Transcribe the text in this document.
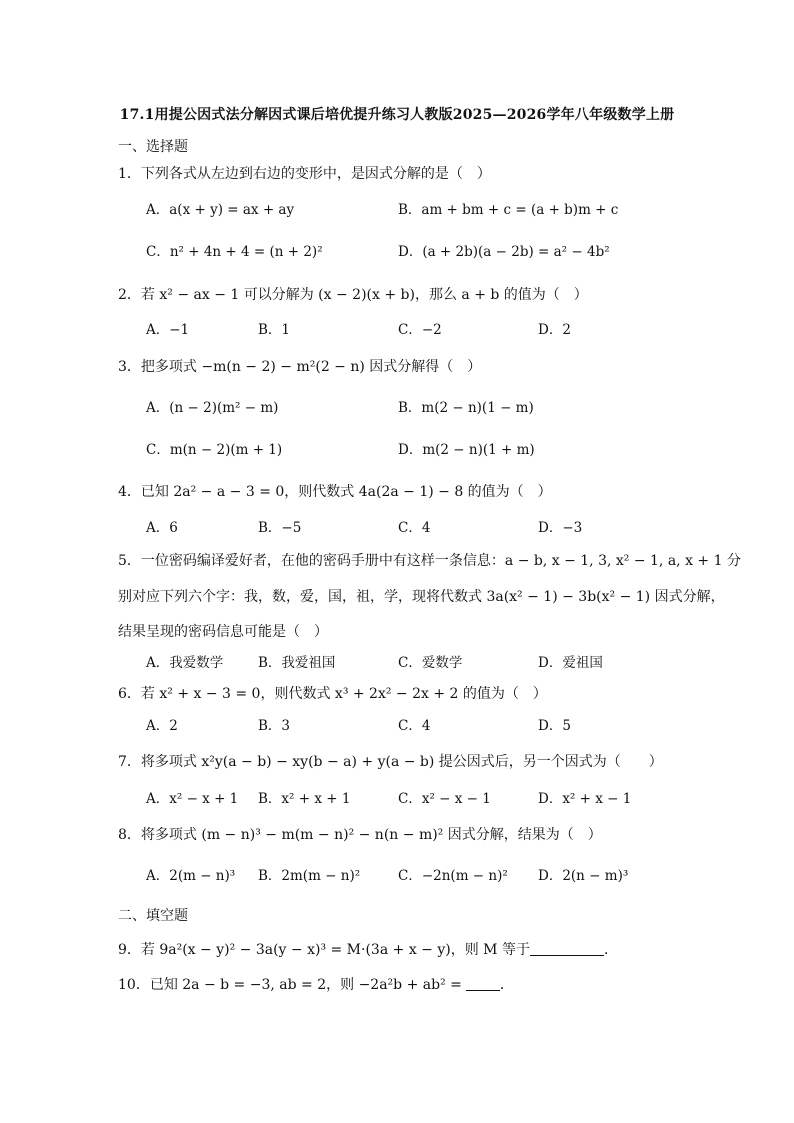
17.1用提公因式法分解因式课后培优提升练习人教版2025—2026学年八年级数学上册
一、选择题
1．下列各式从左边到右边的变形中，是因式分解的是（　）
A．a(x + y) = ax + ay	B．am + bm + c = (a + b)m + c
C．n² + 4n + 4 = (n + 2)²	D．(a + 2b)(a − 2b) = a² − 4b²
2．若 x² − ax − 1 可以分解为 (x − 2)(x + b)，那么 a + b 的值为（　）
A．−1	B．1	C．−2	D．2
3．把多项式 −m(n − 2) − m²(2 − n) 因式分解得（　）
A．(n − 2)(m² − m)	B．m(2 − n)(1 − m)
C．m(n − 2)(m + 1)	D．m(2 − n)(1 + m)
4．已知 2a² − a − 3 = 0，则代数式 4a(2a − 1) − 8 的值为（　）
A．6	B．−5	C．4	D．−3
5．一位密码编译爱好者，在他的密码手册中有这样一条信息：a − b, x − 1, 3, x² − 1, a, x + 1 分
别对应下列六个字：我，数，爱，国，祖，学，现将代数式 3a(x² − 1) − 3b(x² − 1) 因式分解，
结果呈现的密码信息可能是（　）
A．我爱数学	B．我爱祖国	C．爱数学	D．爱祖国
6．若 x² + x − 3 = 0，则代数式 x³ + 2x² − 2x + 2 的值为（　）
A．2	B．3	C．4	D．5
7．将多项式 x²y(a − b) − xy(b − a) + y(a − b) 提公因式后，另一个因式为（　　）
A．x² − x + 1 B．x² + x + 1	C．x² − x − 1	D．x² + x − 1
8．将多项式 (m − n)³ − m(m − n)² − n(n − m)² 因式分解，结果为（　）
A．2(m − n)³ B．2m(m − n)²	C．−2n(m − n)² D．2(n − m)³
二、填空题
9．若 9a²(x − y)² − 3a(y − x)³ = M·(3a + x − y)，则 M 等于	．
10．已知 2a − b = −3, ab = 2，则 −2a²b + ab² =	．
